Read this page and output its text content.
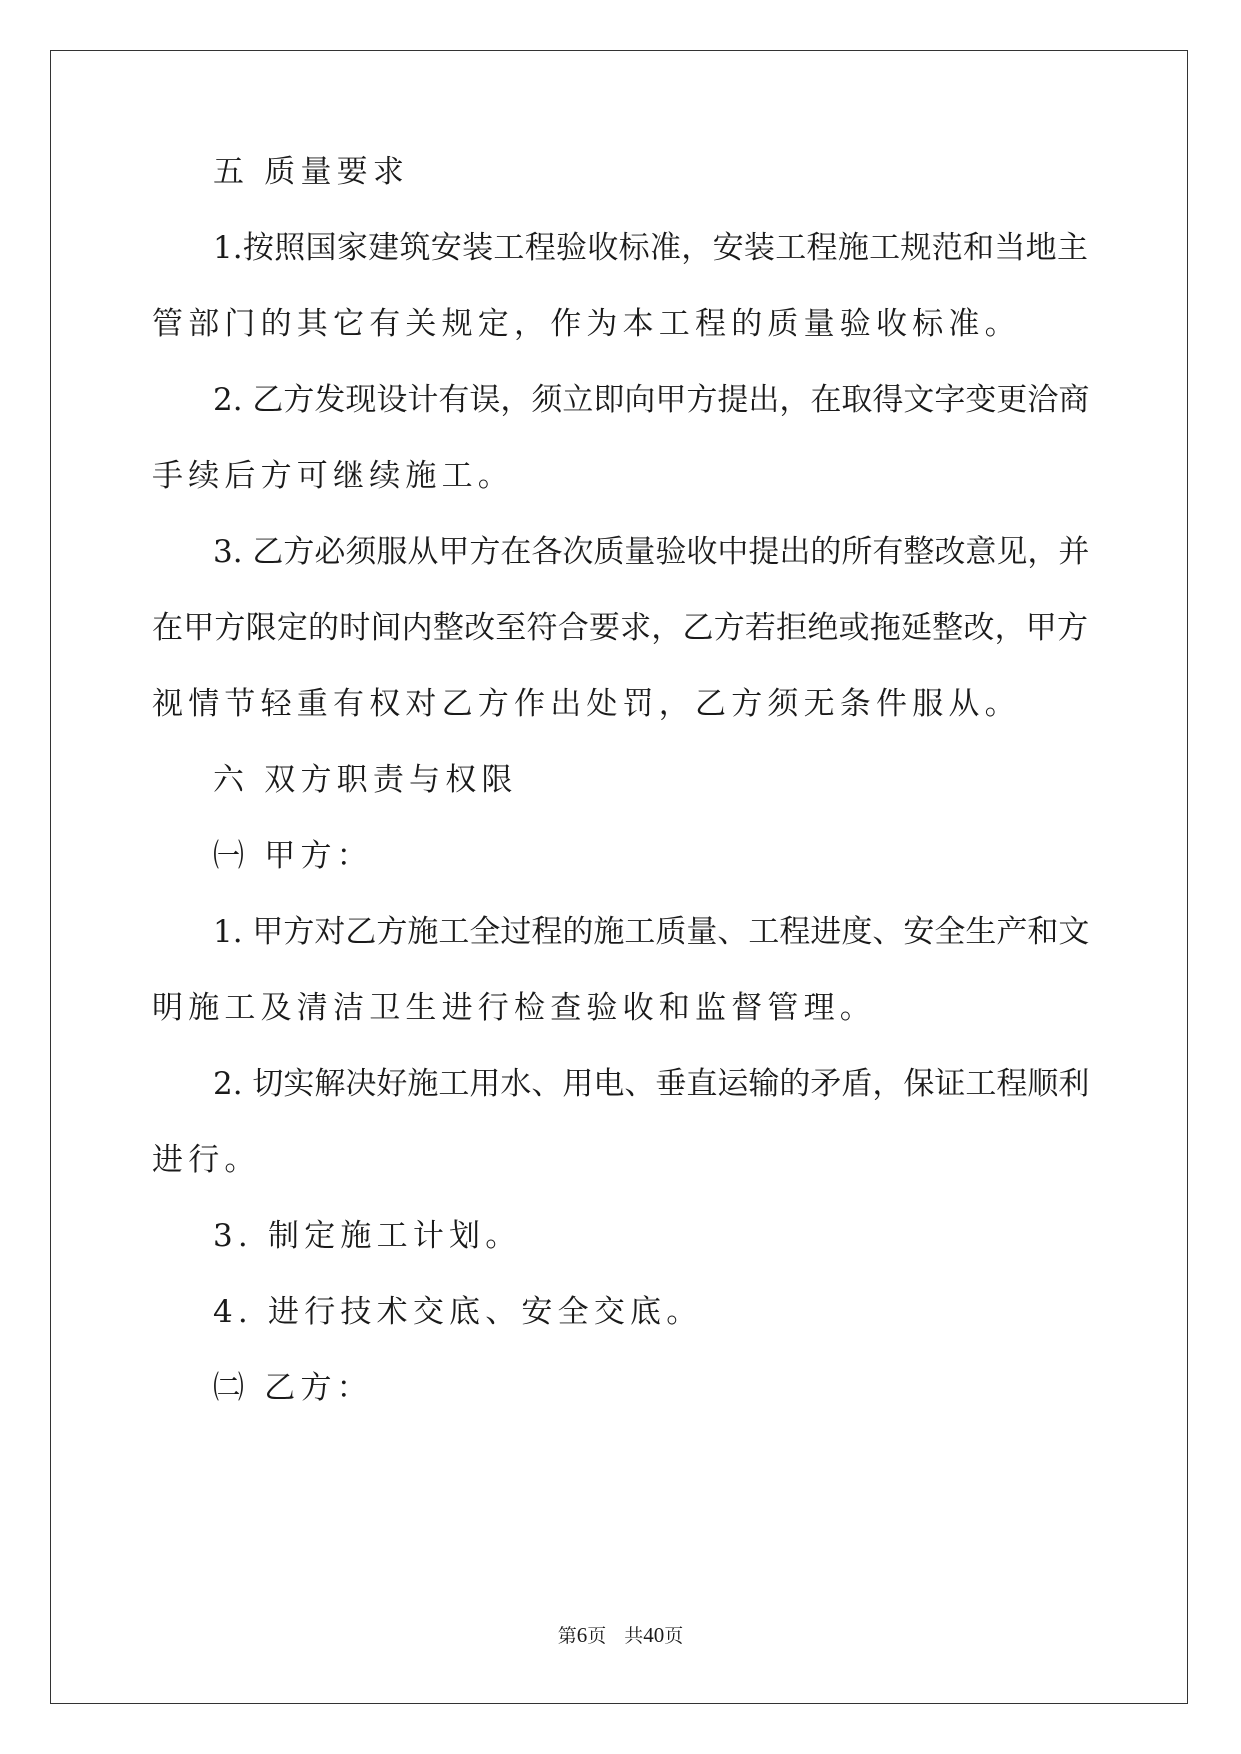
五 质量要求
1.按照国家建筑安装工程验收标准，安装工程施工规范和当地主
管部门的其它有关规定，作为本工程的质量验收标准。
2. 乙方发现设计有误，须立即向甲方提出，在取得文字变更洽商
手续后方可继续施工。
3. 乙方必须服从甲方在各次质量验收中提出的所有整改意见，并
在甲方限定的时间内整改至符合要求，乙方若拒绝或拖延整改，甲方
视情节轻重有权对乙方作出处罚，乙方须无条件服从。
六 双方职责与权限
㈠ 甲方：
1. 甲方对乙方施工全过程的施工质量、工程进度、安全生产和文
明施工及清洁卫生进行检查验收和监督管理。
2. 切实解决好施工用水、用电、垂直运输的矛盾，保证工程顺利
进行。
3. 制定施工计划。
4. 进行技术交底、安全交底。
㈡ 乙方：
第6页 共40页
